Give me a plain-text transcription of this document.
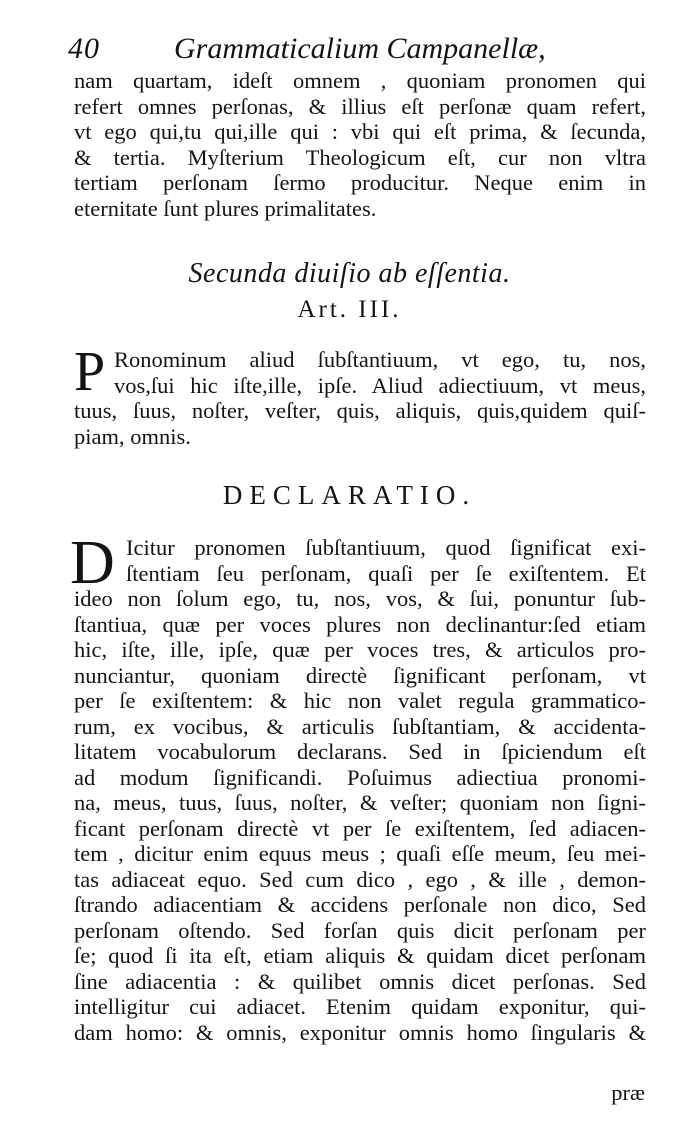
40 Grammaticalium Campanellæ,
nam quartam, ideſt omnem , quoniam pronomen qui
refert omnes perſonas, & illius eſt perſonæ quam refert,
vt ego qui,tu qui,ille qui : vbi qui eſt prima, & ſecunda,
& tertia. Myſterium Theologicum eſt, cur non vltra
tertiam perſonam ſermo producitur. Neque enim in
eternitate ſunt plures primalitates.
Secunda diuiſio ab eſſentia.
Art. III.
P Ronominum aliud ſubſtantiuum, vt ego, tu, nos,
vos,ſui hic iſte,ille, ipſe. Aliud adiectiuum, vt meus,
tuus, ſuus, noſter, veſter, quis, aliquis, quis,quidem quiſ-
piam, omnis.
DECLARATIO.
D Icitur pronomen ſubſtantiuum, quod ſignificat exi-
ſtentiam ſeu perſonam, quaſi per ſe exiſtentem. Et
ideo non ſolum ego, tu, nos, vos, & ſui, ponuntur ſub-
ſtantiua, quæ per voces plures non declinantur:ſed etiam
hic, iſte, ille, ipſe, quæ per voces tres, & articulos pro-
nunciantur, quoniam directè ſignificant perſonam, vt
per ſe exiſtentem: & hic non valet regula grammatico-
rum, ex vocibus, & articulis ſubſtantiam, & accidenta-
litatem vocabulorum declarans. Sed in ſpiciendum eſt
ad modum ſignificandi. Poſuimus adiectiua pronomi-
na, meus, tuus, ſuus, noſter, & veſter; quoniam non ſigni-
ficant perſonam directè vt per ſe exiſtentem, ſed adiacen-
tem , dicitur enim equus meus ; quaſi eſſe meum, ſeu mei-
tas adiaceat equo. Sed cum dico , ego , & ille , demon-
ſtrando adiacentiam & accidens perſonale non dico, Sed
perſonam oſtendo. Sed forſan quis dicit perſonam per
ſe; quod ſi ita eſt, etiam aliquis & quidam dicet perſonam
ſine adiacentia : & quilibet omnis dicet perſonas. Sed
intelligitur cui adiacet. Etenim quidam exponitur, qui-
dam homo: & omnis, exponitur omnis homo ſingularis &
præ
